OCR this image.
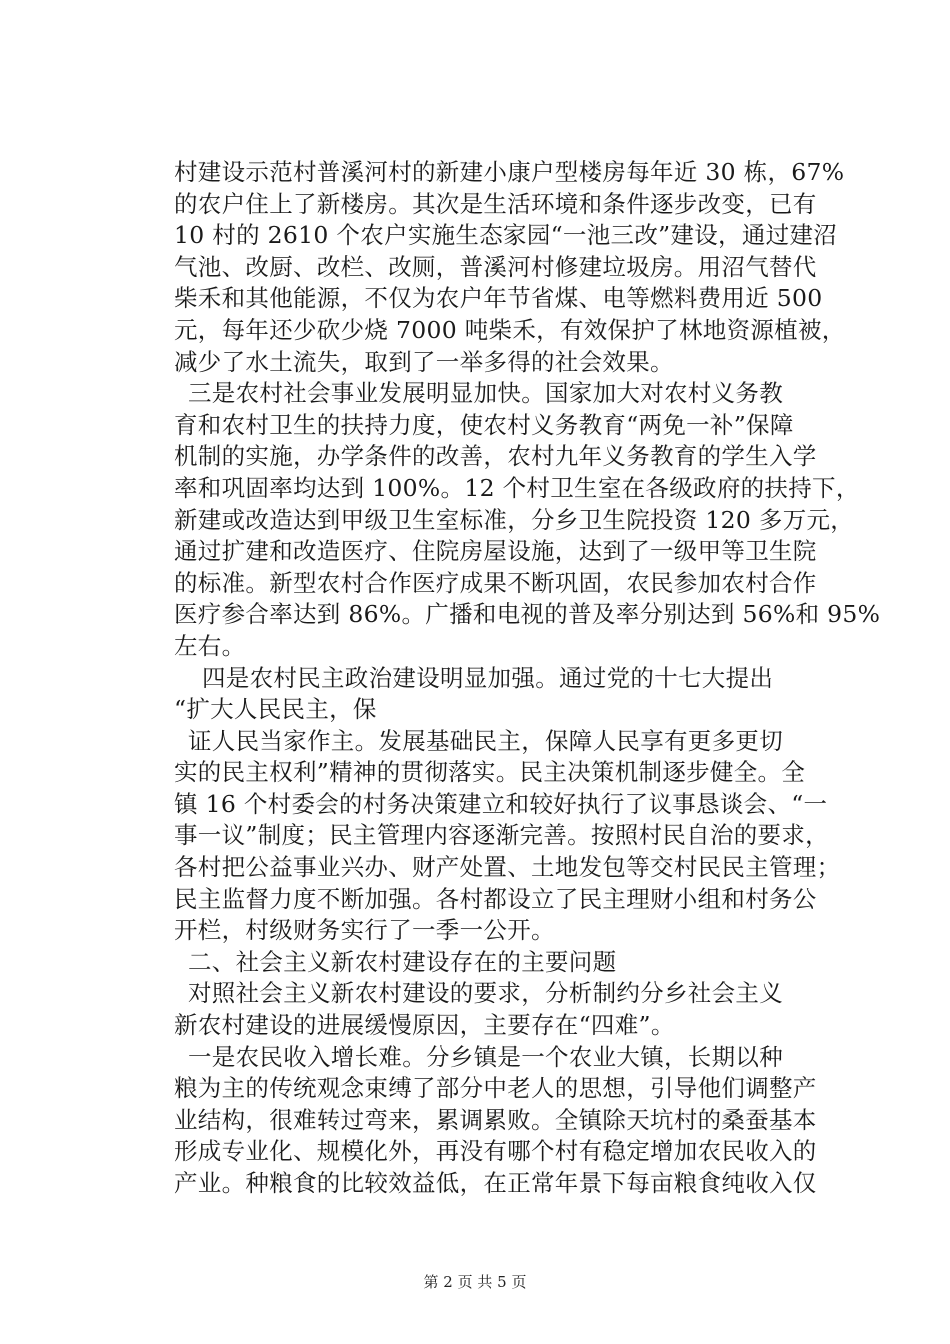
村建设示范村普溪河村的新建小康户型楼房每年近 30 栋，67%
的农户住上了新楼房。其次是生活环境和条件逐步改变，已有
10 村的 2610 个农户实施生态家园“一池三改”建设，通过建沼
气池、改厨、改栏、改厕，普溪河村修建垃圾房。用沼气替代
柴禾和其他能源，不仅为农户年节省煤、电等燃料费用近 500
元，每年还少砍少烧 7000 吨柴禾，有效保护了林地资源植被，
减少了水土流失，取到了一举多得的社会效果。
三是农村社会事业发展明显加快。国家加大对农村义务教
育和农村卫生的扶持力度，使农村义务教育“两免一补”保障
机制的实施，办学条件的改善，农村九年义务教育的学生入学
率和巩固率均达到 100%。12 个村卫生室在各级政府的扶持下，
新建或改造达到甲级卫生室标准，分乡卫生院投资 120 多万元，
通过扩建和改造医疗、住院房屋设施，达到了一级甲等卫生院
的标准。新型农村合作医疗成果不断巩固，农民参加农村合作
医疗参合率达到 86%。广播和电视的普及率分别达到 56%和 95%
左右。
四是农村民主政治建设明显加强。通过党的十七大提出
“扩大人民民主，保
证人民当家作主。发展基础民主，保障人民享有更多更切
实的民主权利”精神的贯彻落实。民主决策机制逐步健全。全
镇 16 个村委会的村务决策建立和较好执行了议事恳谈会、“一
事一议”制度；民主管理内容逐渐完善。按照村民自治的要求，
各村把公益事业兴办、财产处置、土地发包等交村民民主管理；
民主监督力度不断加强。各村都设立了民主理财小组和村务公
开栏，村级财务实行了一季一公开。
二、社会主义新农村建设存在的主要问题
对照社会主义新农村建设的要求，分析制约分乡社会主义
新农村建设的进展缓慢原因，主要存在“四难”。
一是农民收入增长难。分乡镇是一个农业大镇，长期以种
粮为主的传统观念束缚了部分中老人的思想，引导他们调整产
业结构，很难转过弯来，累调累败。全镇除天坑村的桑蚕基本
形成专业化、规模化外，再没有哪个村有稳定增加农民收入的
产业。种粮食的比较效益低，在正常年景下每亩粮食纯收入仅
第 2 页 共 5 页
